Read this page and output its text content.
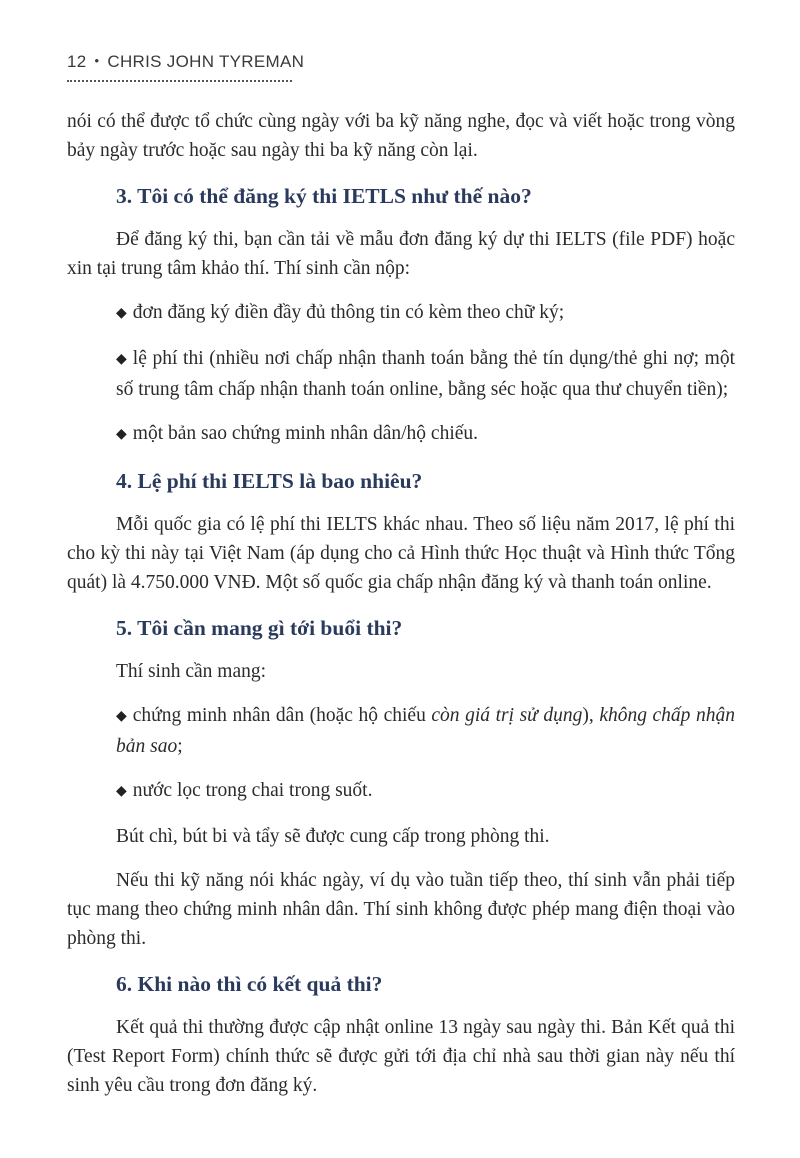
12 • CHRIS JOHN TYREMAN

nói có thể được tổ chức cùng ngày với ba kỹ năng nghe, đọc và viết hoặc trong vòng bảy ngày trước hoặc sau ngày thi ba kỹ năng còn lại.

3. Tôi có thể đăng ký thi IETLS như thế nào?

Để đăng ký thi, bạn cần tải về mẫu đơn đăng ký dự thi IELTS (file PDF) hoặc xin tại trung tâm khảo thí. Thí sinh cần nộp:

◆ đơn đăng ký điền đầy đủ thông tin có kèm theo chữ ký;

◆ lệ phí thi (nhiều nơi chấp nhận thanh toán bằng thẻ tín dụng/thẻ ghi nợ; một số trung tâm chấp nhận thanh toán online, bằng séc hoặc qua thư chuyển tiền);

◆ một bản sao chứng minh nhân dân/hộ chiếu.

4. Lệ phí thi IELTS là bao nhiêu?

Mỗi quốc gia có lệ phí thi IELTS khác nhau. Theo số liệu năm 2017, lệ phí thi cho kỳ thi này tại Việt Nam (áp dụng cho cả Hình thức Học thuật và Hình thức Tổng quát) là 4.750.000 VNĐ. Một số quốc gia chấp nhận đăng ký và thanh toán online.

5. Tôi cần mang gì tới buổi thi?

Thí sinh cần mang:

◆ chứng minh nhân dân (hoặc hộ chiếu còn giá trị sử dụng), không chấp nhận bản sao;

◆ nước lọc trong chai trong suốt.

Bút chì, bút bi và tẩy sẽ được cung cấp trong phòng thi.

Nếu thi kỹ năng nói khác ngày, ví dụ vào tuần tiếp theo, thí sinh vẫn phải tiếp tục mang theo chứng minh nhân dân. Thí sinh không được phép mang điện thoại vào phòng thi.

6. Khi nào thì có kết quả thi?

Kết quả thi thường được cập nhật online 13 ngày sau ngày thi. Bản Kết quả thi (Test Report Form) chính thức sẽ được gửi tới địa chỉ nhà sau thời gian này nếu thí sinh yêu cầu trong đơn đăng ký.
